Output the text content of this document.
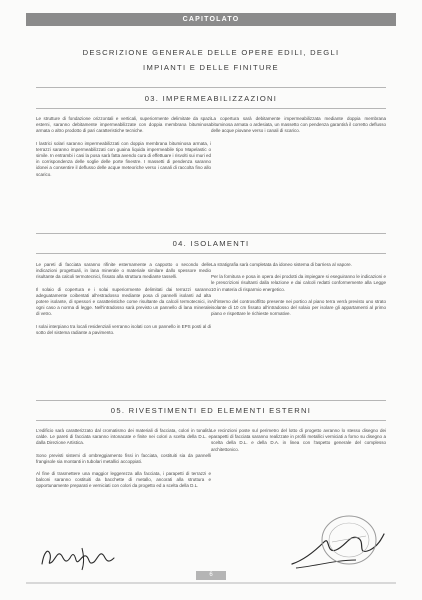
CAPITOLATO
DESCRIZIONE GENERALE DELLE OPERE EDILI, DEGLI
IMPIANTI E DELLE FINITURE
03. IMPERMEABILIZZAZIONI

Le strutture di fondazione orizzontali e verticali, superiormente delimitate da spazi esterni, saranno debitamente impermeabilizzate con doppia membrana bituminosa armata o altro prodotto di pari caratteristiche tecniche.

I lastrici solari saranno impermeabilizzati con doppia membrana bituminosa armata, i terrazzi saranno impermeabilizzati con guaina liquida impermeabile tipo Mapelastic o simile. In entrambi i casi la posa sarà fatta avendo cura di effettuare i risvolti sui muri ed in corrispondenza delle soglie delle porte finestre. I massetti di pendenza saranno idonei a consentire il deflusso delle acque meteoriche verso i canali di raccolta fino allo scarico.

La copertura sarà debitamente impermeabilizzata mediante doppia membrana bituminosa armata o ardesiata, un massetto con pendenza garantirà il corretto deflusso delle acque piovane verso i canali di scarico.

04. ISOLAMENTI

Le pareti di facciata saranno rifinite esternamente a cappotto o secondo delle indicazioni progettuali, in lana minerale o materiale similare dallo spessore medio risultante da calcoli termotecnici, fissato alla struttura mediante tasselli.

Il solaio di copertura e i solai superiormente delimitati dai terrazzi saranno adeguatamente coibentati all'estradosso mediante posa di pannelli isolanti ad alta potere isolante, di spessori e caratteristiche come risultante da calcoli termotecnici, in ogni caso a norma di legge. Nell'intradosso sarà previsto un pannello di lana minerale di vetro.

I solai interpiano tra locali residenziali verranno isolati con un pannello in EPS posti al di sotto del sistema radiante a pavimento.

La stratigrafia sarà completata da idoneo sistema di barriera al vapore.

Per la fornitura e posa in opera dei prodotti da impiegare si eseguiranno le indicazioni e le prescrizioni risultanti dalla relazione e dai calcoli redatti conformemente alla Legge 10 in materia di risparmio energetico.

All'interno del controsoffitto presente nei portico al piano terra verrà previsto uno strato isolante di 10 cm fissato all'intradosso del solaio per isolare gli appartamenti al primo piano e rispettare le richieste normative.

05. RIVESTIMENTI ED ELEMENTI ESTERNI

L'edificio sarà caratterizzato dal cromatismo dei materiali di facciata, colori in tonalità calde. Le pareti di facciata saranno intonacate e finite nei colori a scelta della D.L. e dalla Direzione Artistica.

Sono previsti sistemi di ombreggiamento fissi in facciata, costituiti sia da pannelli frangisole sia montanti in tubolari metallici accoppiati.

Al fine di trasmettere una maggior leggerezza alla facciata, i parapetti di terrazzi e balconi saranno costituiti da bacchette di metallo, ancorati alla struttura e opportunamente preparati e verniciati con colori da progetto ed a scelta della D.L.

Le recinzioni poste sul perimetro del lotto di progetto avranno lo stesso disegno dei parapetti di facciata saranno realizzate in profili metallici verniciati a forno su disegno a scelta della D.L. e della D.A. in linea con l'aspetto generale del complesso architettonico.

6
